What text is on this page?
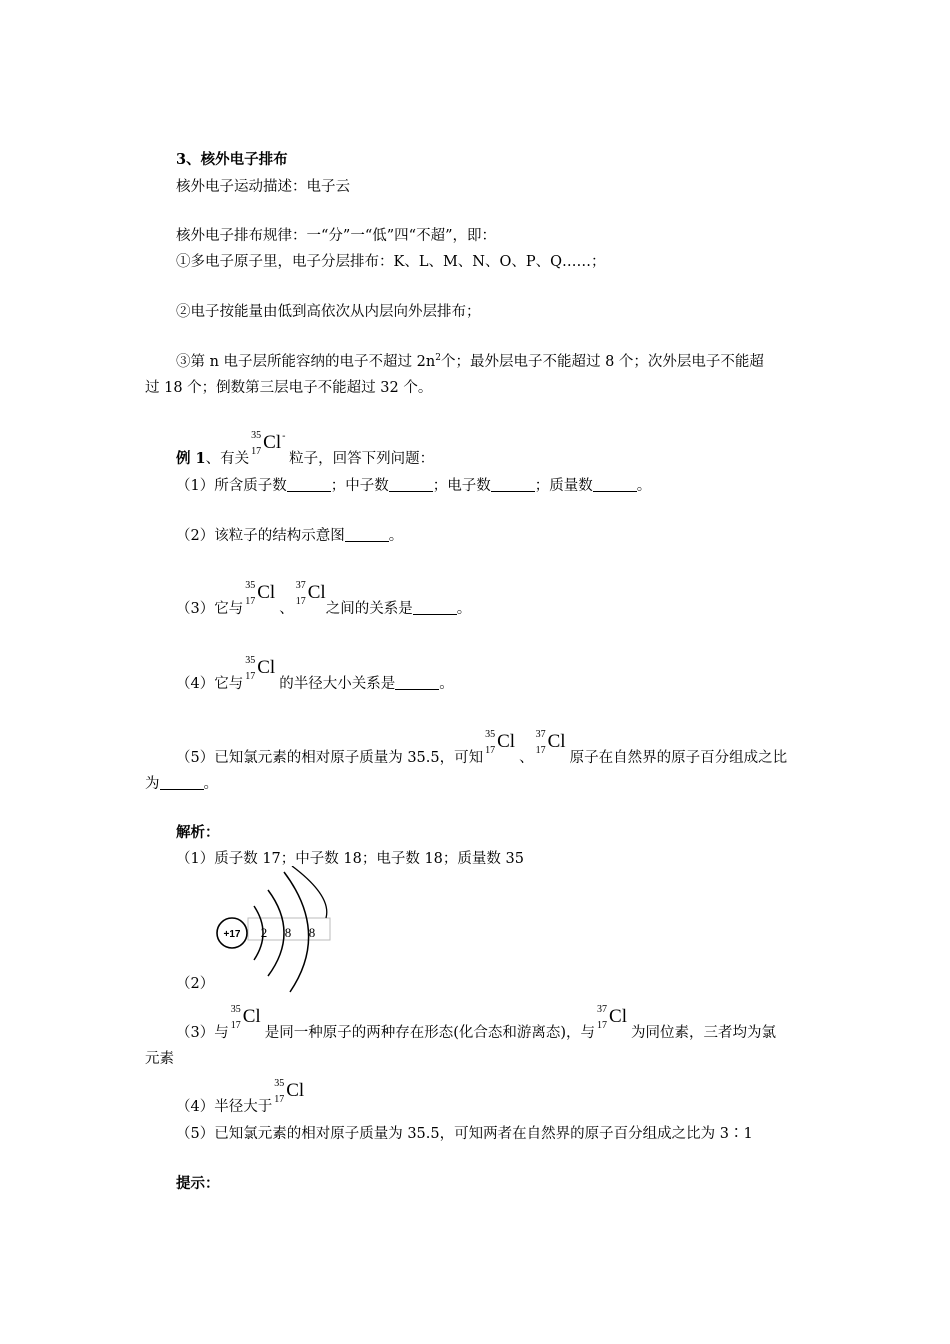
3、核外电子排布
核外电子运动描述：电子云
核外电子排布规律：一“分”一“低”四“不超”，即：
①多电子原子里，电子分层排布：K、L、M、N、O、P、Q……；
②电子按能量由低到高依次从内层向外层排布；
③第 n 电子层所能容纳的电子不超过 $2n^2$个；最外层电子不能超过 8 个；次外层电子不能超
过 18 个；倒数第三层电子不能超过 32 个。
例 1、有关
35
17 Cl -
粒子，回答下列问题：
（1）所含质子数	；中子数	；电子数	；质量数	。
（2）该粒子的结构示意图	。
（3）它与
35
17 Cl
、
37
17 Cl
之间的关系是	。
（4）它与
35
17 Cl
的半径大小关系是	。
（5）已知氯元素的相对原子质量为 35.5，可知
35
17 Cl
、
37
17 Cl
原子在自然界的原子百分组成之比
为	。
解析：
（1）质子数 17；中子数 18；电子数 18；质量数 35
+17 2 8 8
（2）
（3）与
35
17 Cl
是同一种原子的两种存在形态(化合态和游离态)，与
37
17 Cl
为同位素，三者均为氯
元素
（4）半径大于
35
17 Cl
（5）已知氯元素的相对原子质量为 35.5，可知两者在自然界的原子百分组成之比为 3∶1
提示：
